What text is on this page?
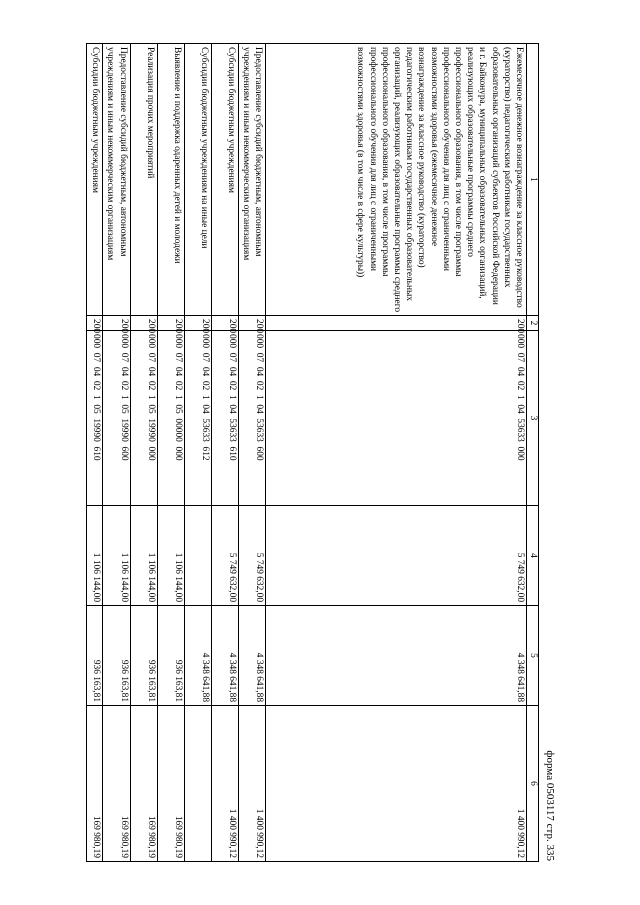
форма 0503117 стр. 335
1	2	3	4	5	6
Ежемесячное денежное вознаграждение за классное руководство (кураторство) педагогическим работникам государственных образовательных организаций субъектов Российской Федерации и г. Байконура, муниципальных образовательных организаций, реализующих образовательные программы среднего профессионального образования, в том числе программы профессионального обучения для лиц с ограниченными возможностями здоровья (ежемесячное денежное вознаграждение за классное руководство (кураторство) педагогическим работникам государственных образовательных организаций, реализующих образовательные программы среднего профессионального образования, в том числе программы профессионального обучения для лиц с ограниченными возможностями здоровья (в том числе в сфере культуры))	200	000  07  04  02  1  04  53633  000	5 749 632,00	4 348 641,88	1 400 990,12
Предоставление субсидий бюджетным, автономным учреждениям и иным некоммерческим организациям	200	000  07  04  02  1  04  53633  600	5 749 632,00	4 348 641,88	1 400 990,12
Субсидии бюджетным учреждениям	200	000  07  04  02  1  04  53633  610	5 749 632,00	4 348 641,88	1 400 990,12
Субсидии бюджетным учреждениям на иные цели	200	000  07  04  02  1  04  53633  612		4 348 641,88	
Выявление и поддержка одаренных детей и молодежи	200	000  07  04  02  1  05  00000  000	1 106 144,00	936 163,81	169 980,19
Реализация прочих мероприятий	200	000  07  04  02  1  05  19990  000	1 106 144,00	936 163,81	169 980,19
Предоставление субсидий бюджетным, автономным учреждениям и иным некоммерческим организациям	200	000  07  04  02  1  05  19990  600	1 106 144,00	936 163,81	169 980,19
Субсидии бюджетным учреждениям	200	000  07  04  02  1  05  19990  610	1 106 144,00	936 163,81	169 980,19
